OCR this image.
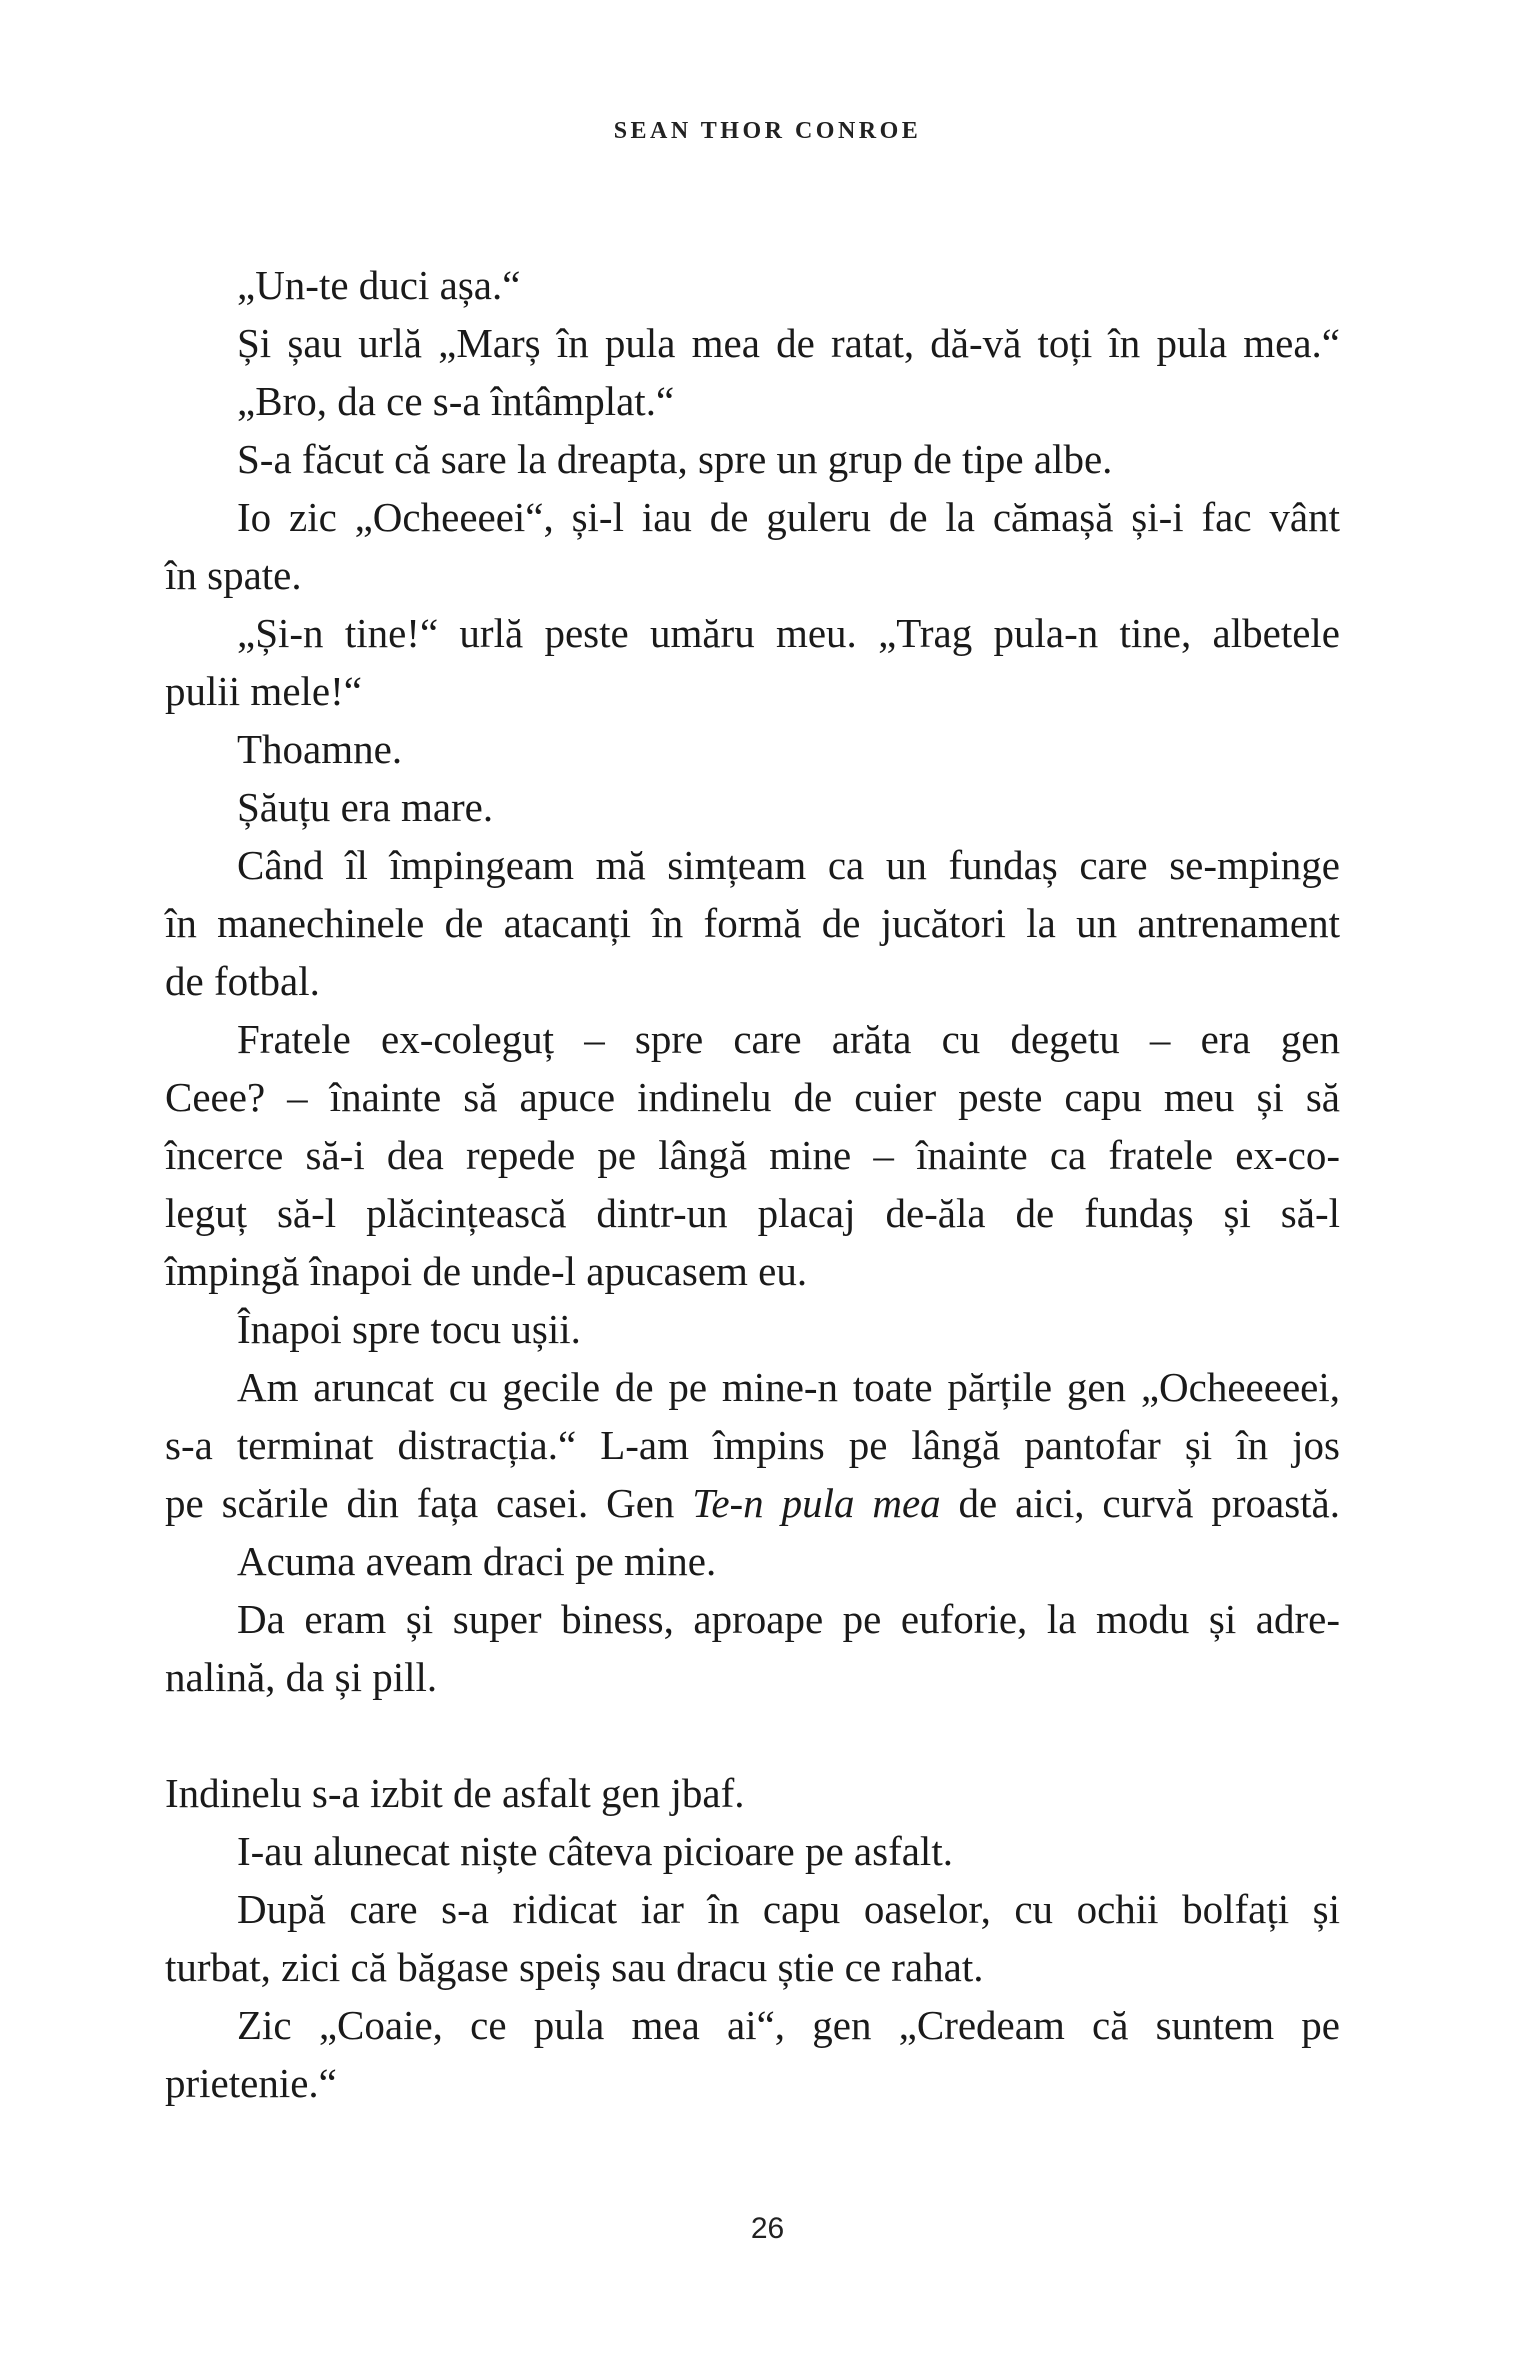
SEAN THOR CONROE
„Un-te duci așa.“
Și șau urlă „Marș în pula mea de ratat, dă-vă toți în pula mea.“
„Bro, da ce s-a întâmplat.“
S-a făcut că sare la dreapta, spre un grup de tipe albe.
Io zic „Ocheeeei“, și-l iau de guleru de la cămașă și-i fac vânt
în spate.
„Și-n tine!“ urlă peste umăru meu. „Trag pula-n tine, albetele
pulii mele!“
Thoamne.
Șăuțu era mare.
Când îl împingeam mă simțeam ca un fundaș care se-mpinge
în manechinele de atacanți în formă de jucători la un antrenament
de fotbal.
Fratele ex-coleguț – spre care arăta cu degetu – era gen
Ceee? – înainte să apuce indinelu de cuier peste capu meu și să
încerce să-i dea repede pe lângă mine – înainte ca fratele ex-co-
leguț să-l plăcințească dintr-un placaj de-ăla de fundaș și să-l
împingă înapoi de unde-l apucasem eu.
Înapoi spre tocu ușii.
Am aruncat cu gecile de pe mine-n toate părțile gen „Ocheeeeei,
s-a terminat distracția.“ L-am împins pe lângă pantofar și în jos
pe scările din fața casei. Gen Te-n pula mea de aici, curvă proastă.
Acuma aveam draci pe mine.
Da eram și super biness, aproape pe euforie, la modu și adre-
nalină, da și pill.
Indinelu s-a izbit de asfalt gen jbaf.
I-au alunecat niște câteva picioare pe asfalt.
După care s-a ridicat iar în capu oaselor, cu ochii bolfați și
turbat, zici că băgase speiș sau dracu știe ce rahat.
Zic „Coaie, ce pula mea ai“, gen „Credeam că suntem pe
prietenie.“
26
